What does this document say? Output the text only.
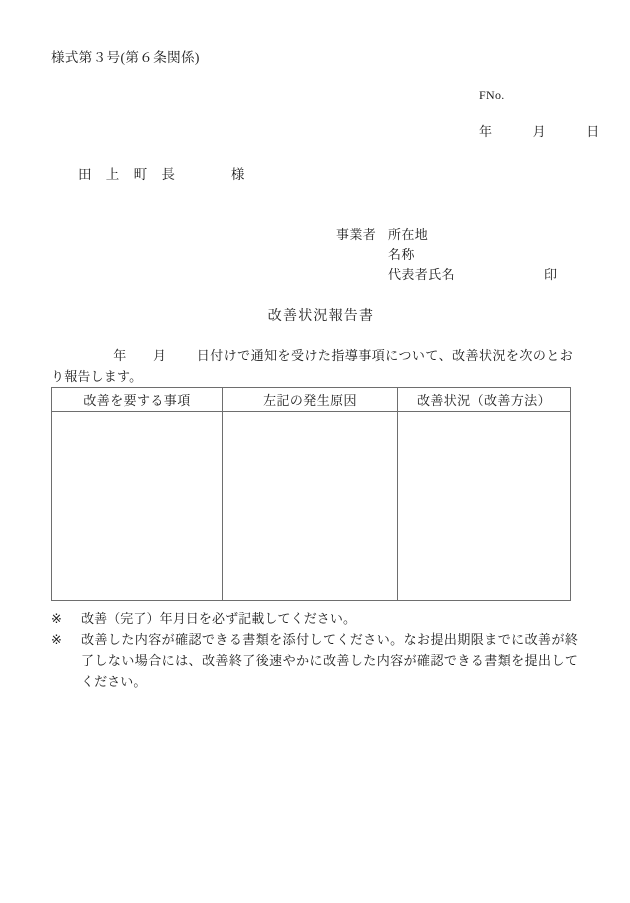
様式第３号(第６条関係)
FNo.
年　　　月　　　日
田　上　町　長　　　　様
事業者 所在地
名称
代表者氏名	印
改善状況報告書
年 月 日付けで通知を受けた指導事項について、改善状況を次のとおり報告します。
改善を要する事項	左記の発生原因	改善状況（改善方法）

※	改善（完了）年月日を必ず記載してください。
※	改善した内容が確認できる書類を添付してください。なお提出期限までに改善が終了しない場合には、改善終了後速やかに改善した内容が確認できる書類を提出してください。
